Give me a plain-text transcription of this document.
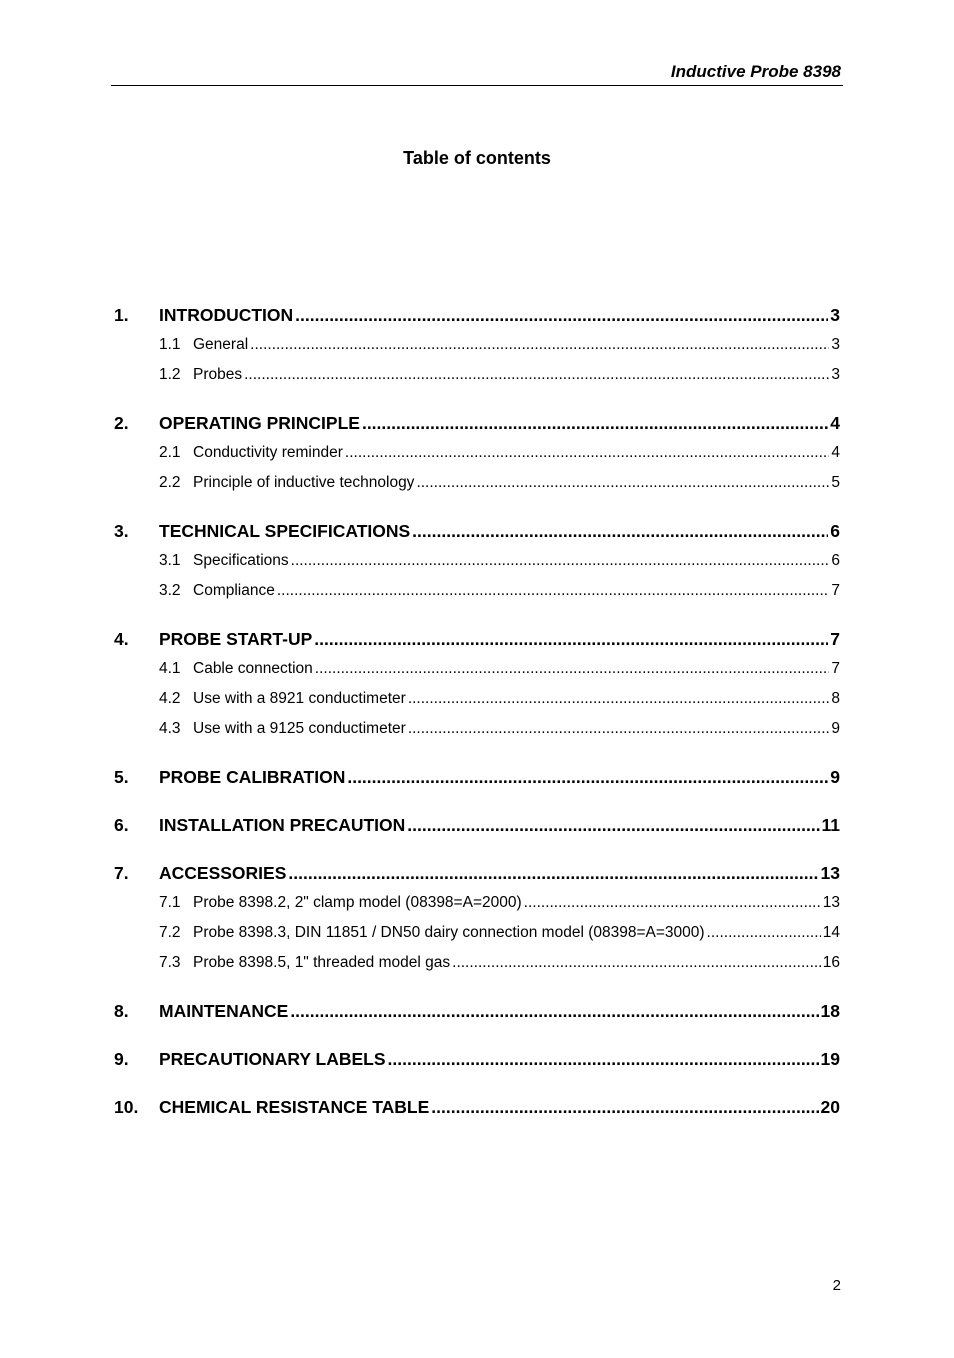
Inductive Probe 8398
Table of contents
1.	INTRODUCTION .....	3
1.1 General .....	3
1.2 Probes .....	3
2.	OPERATING PRINCIPLE .....	4
2.1 Conductivity reminder .....	4
2.2 Principle of inductive technology .....	5
3.	TECHNICAL SPECIFICATIONS .....	6
3.1 Specifications .....	6
3.2 Compliance .....	7
4.	PROBE START-UP .....	7
4.1 Cable connection .....	7
4.2 Use with a 8921 conductimeter .....	8
4.3 Use with a 9125 conductimeter .....	9
5.	PROBE CALIBRATION .....	9
6.	INSTALLATION PRECAUTION .....	11
7.	ACCESSORIES .....	13
7.1 Probe 8398.2, 2" clamp model (08398=A=2000) .....	13
7.2 Probe 8398.3, DIN 11851 / DN50 dairy connection model (08398=A=3000) .....	14
7.3 Probe 8398.5, 1" threaded model gas .....	16
8.	MAINTENANCE .....	18
9.	PRECAUTIONARY LABELS .....	19
10.	CHEMICAL RESISTANCE TABLE .....	20
2
